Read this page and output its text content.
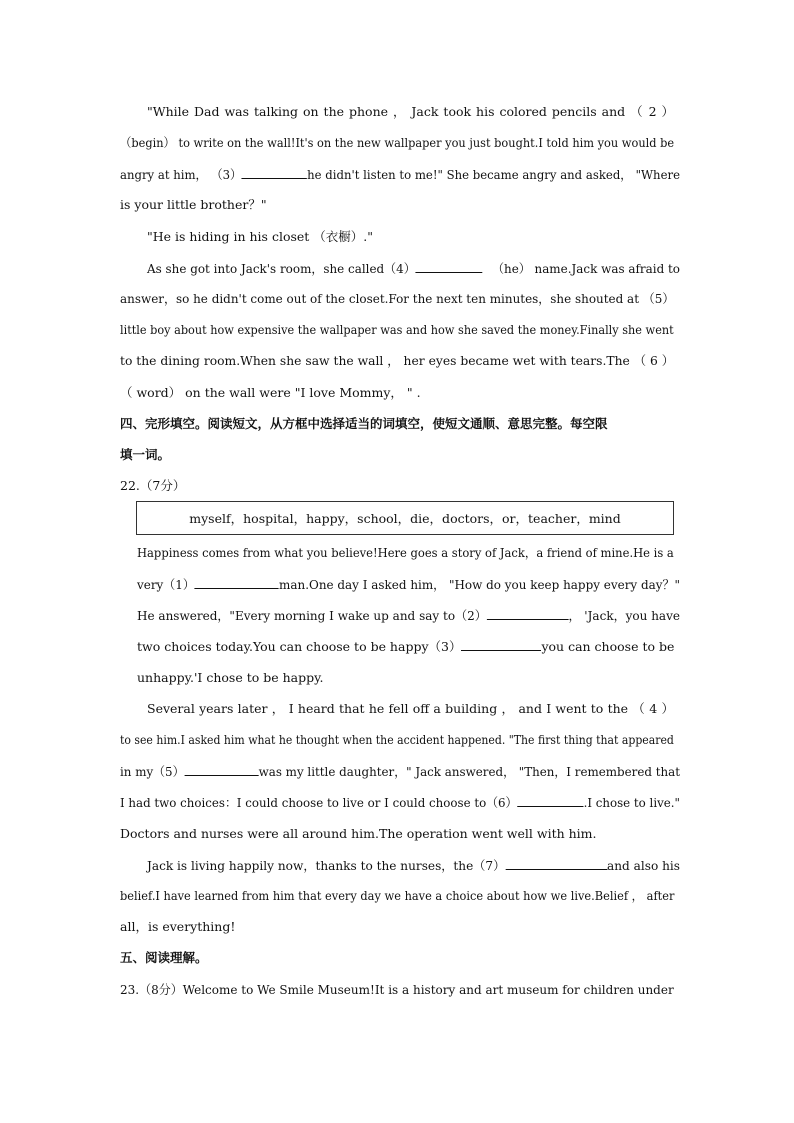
"While Dad was talking on the phone ， Jack took his colored pencils and （ 2 ）
（begin） to write on the wall!It's on the new wallpaper you just bought.I told him you would be
angry at him， （3）	he didn't listen to me!" She became angry and asked， "Where
is your little brother？"
"He is hiding in his closet （衣橱）."
As she got into Jack's room，she called（4）	（he） name.Jack was afraid to
answer，so he didn't come out of the closet.For the next ten minutes，she shouted at （5）
little boy about how expensive the wallpaper was and how she saved the money.Finally she went
to the dining room.When she saw the wall ， her eyes became wet with tears.The （ 6 ）
（ word） on the wall were "I love Mommy， " .
四、完形填空。阅读短文，从方框中选择适当的词填空，使短文通顺、意思完整。每空限
填一词。
22.（7分）
myself，hospital，happy，school，die，doctors，or，teacher，mind
Happiness comes from what you believe!Here goes a story of Jack，a friend of mine.He is a
very（1）	man.One day I asked him， "How do you keep happy every day？"
He answered，"Every morning I wake up and say to（2）	， 'Jack，you have
two choices today.You can choose to be happy（3）	you can choose to be
unhappy.'I chose to be happy.
Several years later ， I heard that he fell off a building ， and I went to the （ 4 ）
to see him.I asked him what he thought when the accident happened. "The first thing that appeared
in my（5）	was my little daughter，" Jack answered， "Then，I remembered that
I had two choices：I could choose to live or I could choose to（6）	.I chose to live."
Doctors and nurses were all around him.The operation went well with him.
Jack is living happily now，thanks to the nurses，the（7）	and also his
belief.I have learned from him that every day we have a choice about how we live.Belief ， after
all，is everything!
五、阅读理解。
23.（8分）Welcome to We Smile Museum!It is a history and art museum for children under
